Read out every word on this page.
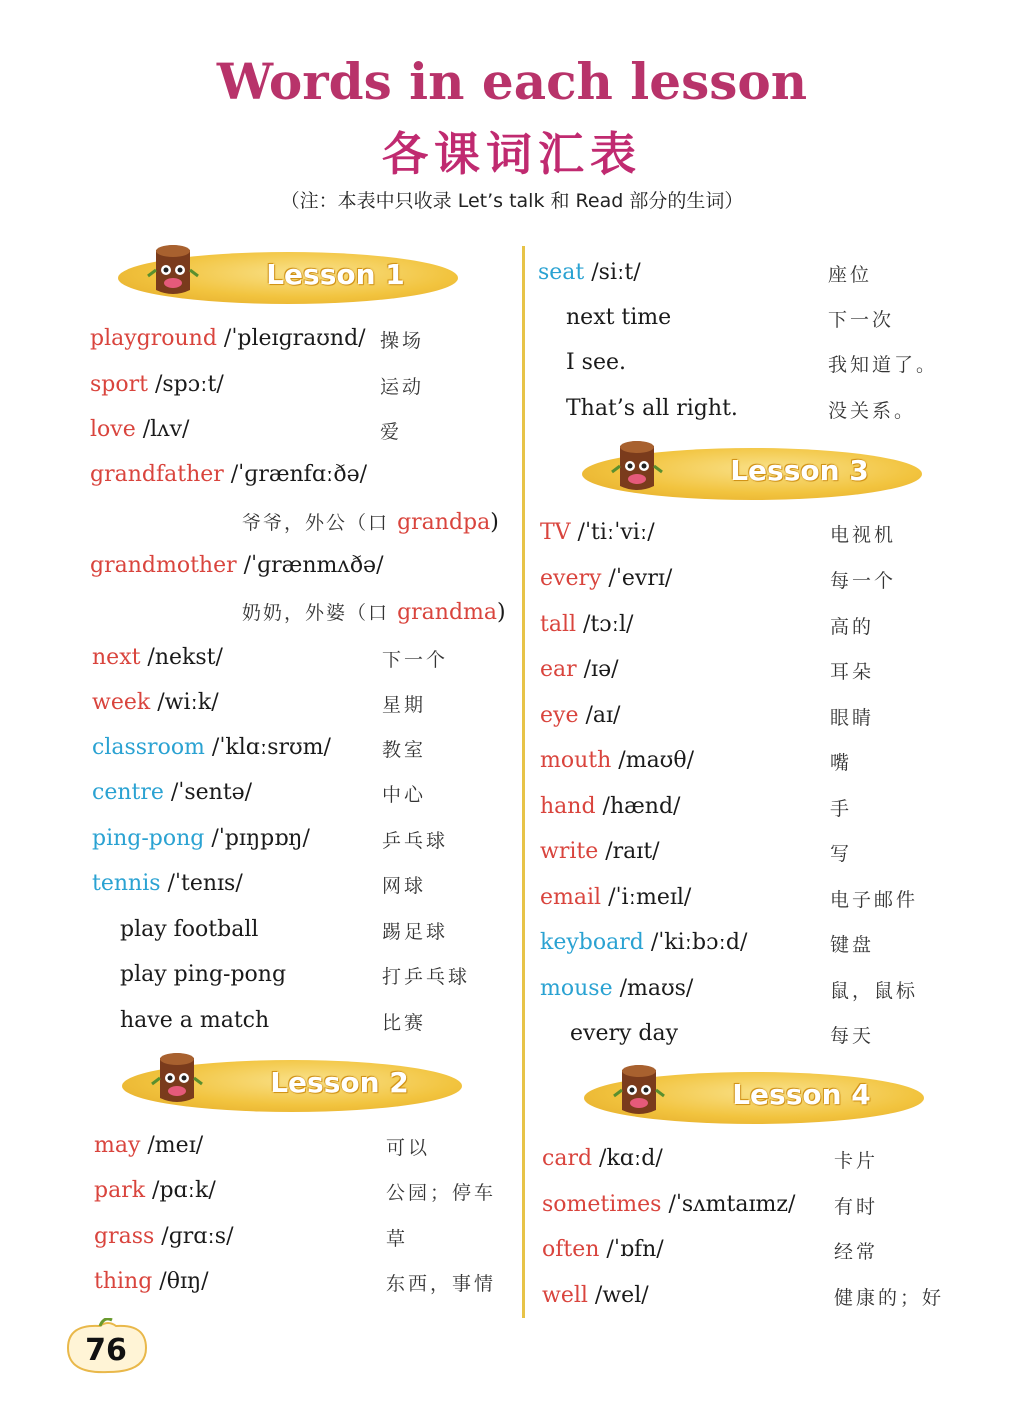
Words in each lesson
各课词汇表
（注：本表中只收录 Let’s talk 和 Read 部分的生词）
Lesson 1
Lesson 2
Lesson 3
Lesson 4
playground /ˈpleɪɡraʊnd/ 操场
sport /spɔːt/	运动
love /lʌv/	爱
grandfather /ˈɡrænfɑːðə/
爷爷，外公（口 grandpa)
grandmother /ˈɡrænmʌðə/
奶奶，外婆（口 grandma)
next /nekst/	下一个
week /wiːk/	星期
classroom /ˈklɑːsrʊm/	教室
centre /ˈsentə/	中心
ping-pong /ˈpɪŋpɒŋ/	乒乓球
tennis /ˈtenɪs/	网球
play football	踢足球
play ping-pong	打乒乓球
have a match	比赛
may /meɪ/	可以
park /pɑːk/	公园；停车
grass /ɡrɑːs/	草
thing /θɪŋ/	东西，事情
seat /siːt/	座位
next time	下一次
I see.	我知道了。
That’s all right.	没关系。
TV /ˈtiːˈviː/	电视机
every /ˈevrɪ/	每一个
tall /tɔːl/	高的
ear /ɪə/	耳朵
eye /aɪ/	眼睛
mouth /maʊθ/	嘴
hand /hænd/	手
write /raɪt/	写
email /ˈiːmeɪl/	电子邮件
keyboard /ˈkiːbɔːd/	键盘
mouse /maʊs/	鼠，鼠标
every day	每天
card /kɑːd/	卡片
sometimes /ˈsʌmtaɪmz/ 有时
often /ˈɒfn/	经常
well /wel/	健康的；好
76
